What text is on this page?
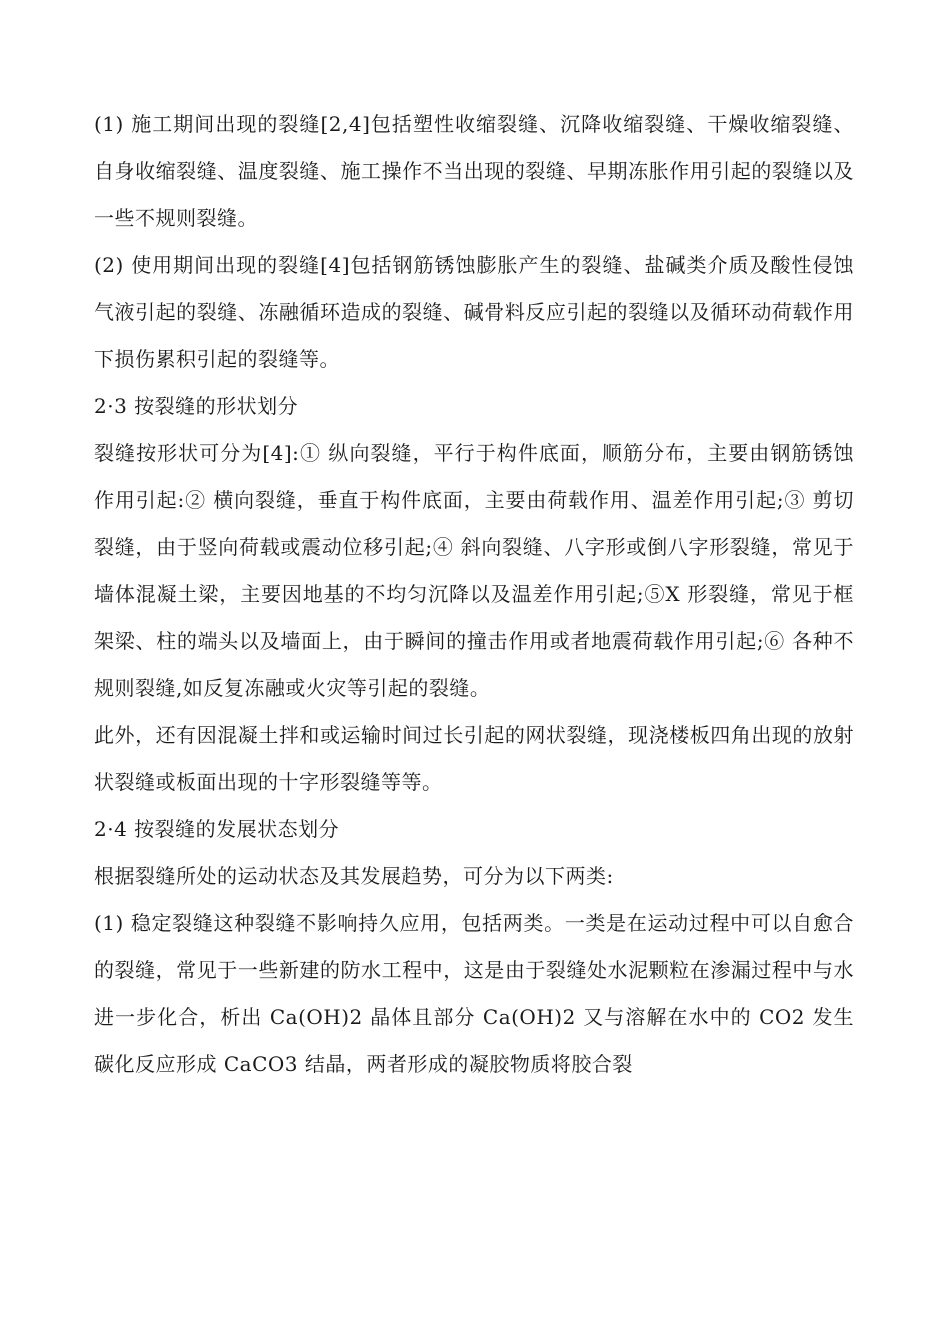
(1) 施工期间出现的裂缝[2,4]包括塑性收缩裂缝、沉降收缩裂缝、干燥收缩裂缝、自身收缩裂缝、温度裂缝、施工操作不当出现的裂缝、早期冻胀作用引起的裂缝以及一些不规则裂缝。

(2) 使用期间出现的裂缝[4]包括钢筋锈蚀膨胀产生的裂缝、盐碱类介质及酸性侵蚀气液引起的裂缝、冻融循环造成的裂缝、碱骨料反应引起的裂缝以及循环动荷载作用下损伤累积引起的裂缝等。

2·3 按裂缝的形状划分

裂缝按形状可分为[4]:① 纵向裂缝，平行于构件底面，顺筋分布，主要由钢筋锈蚀作用引起:② 横向裂缝，垂直于构件底面，主要由荷载作用、温差作用引起;③ 剪切裂缝，由于竖向荷载或震动位移引起;④ 斜向裂缝、八字形或倒八字形裂缝，常见于墙体混凝土梁，主要因地基的不均匀沉降以及温差作用引起;⑤X 形裂缝，常见于框架梁、柱的端头以及墙面上，由于瞬间的撞击作用或者地震荷载作用引起;⑥ 各种不规则裂缝,如反复冻融或火灾等引起的裂缝。

此外，还有因混凝土拌和或运输时间过长引起的网状裂缝，现浇楼板四角出现的放射状裂缝或板面出现的十字形裂缝等等。

2·4 按裂缝的发展状态划分

根据裂缝所处的运动状态及其发展趋势，可分为以下两类:

(1) 稳定裂缝这种裂缝不影响持久应用，包括两类。一类是在运动过程中可以自愈合的裂缝，常见于一些新建的防水工程中，这是由于裂缝处水泥颗粒在渗漏过程中与水进一步化合，析出 Ca(OH)2 晶体且部分 Ca(OH)2 又与溶解在水中的 CO2 发生碳化反应形成 CaCO3 结晶，两者形成的凝胶物质将胶合裂
